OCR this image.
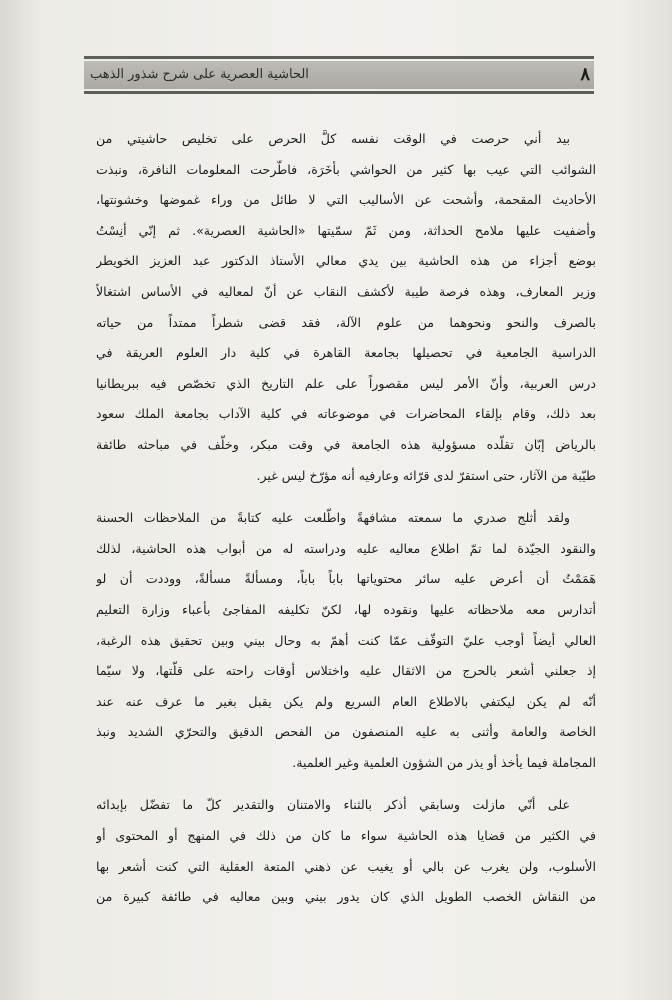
الحاشية العصرية على شرح شذور الذهب	٨
بيد أني حرصت في الوقت نفسه كلَّ الحرص على تخليص حاشيتي من
الشوائب التي عيب بها كثير من الحواشي بأخَرَة، فاطّرحت المعلومات النافرة، ونبذت
الأحاديث المقحمة، وأشحت عن الأساليب التي لا طائل من وراء غموضها وخشونتها،
وأضفيت عليها ملامح الحداثة، ومن ثَمّ سمّيتها «الحاشية العصرية». ثم إنّي أنِسْتُ
بوضع أجزاء من هذه الحاشية بين يدي معالي الأستاذ الدكتور عبد العزيز الخويطر
وزير المعارف، وهذه فرصة طيبة لأكشف النقاب عن أنّ لمعاليه في الأساس اشتغالاً
بالصرف والنحو ونحوهما من علوم الآلة، فقد قضى شطراً ممتداً من حياته
الدراسية الجامعية في تحصيلها بجامعة القاهرة في كلية دار العلوم العريقة في
درس العربية، وأنّ الأمر ليس مقصوراً على علم التاريخ الذي تخصّص فيه ببريطانيا
بعد ذلك، وقام بإلقاء المحاضرات في موضوعاته في كلية الآداب بجامعة الملك سعود
بالرياض إبّان تقلّده مسؤولية هذه الجامعة في وقت مبكر، وخلّف في مباحثه طائفة
طيّبة من الآثار، حتى استقرّ لدى قرّائه وعارفيه أنه مؤرّخ ليس غير.
ولقد أثلج صدري ما سمعته مشافهةً واطّلعت عليه كتابةً من الملاحظات الحسنة
والنقود الجيّدة لما تمّ اطلاع معاليه عليه ودراسته له من أبواب هذه الحاشية، لذلك
هَمَمْتُ أن أعرض عليه سائر محتوياتها باباً باباً، ومسألةً مسألةً، ووددت أن لو
أتدارس معه ملاحظاته عليها ونقوده لها، لكنّ تكليفه المفاجئ بأعباء وزارة التعليم
العالي أيضاً أوجب عليّ التوقّف عمّا كنت أهمّ به وحال بيني وبين تحقيق هذه الرغبة،
إذ جعلني أشعر بالحرج من الاثقال عليه واختلاس أوقات راحته على قلّتها، ولا سيّما
أنّه لم يكن ليكتفي بالاطلاع العام السريع ولم يكن يقبل بغير ما عرف عنه عند
الخاصة والعامة وأثنى به عليه المنصفون من الفحص الدقيق والتحرّي الشديد ونبذ
المجاملة فيما يأخذ أو يذر من الشؤون العلمية وغير العلمية.
على أنّي مازلت وسابقي أذكر بالثناء والامتنان والتقدير كلّ ما تفضّل بإبدائه
في الكثير من قضايا هذه الحاشية سواء ما كان من ذلك في المنهج أو المحتوى أو
الأسلوب، ولن يغرب عن بالي أو يغيب عن ذهني المتعة العقلية التي كنت أشعر بها
من النقاش الخصب الطويل الذي كان يدور بيني وبين معاليه في طائفة كبيرة من
